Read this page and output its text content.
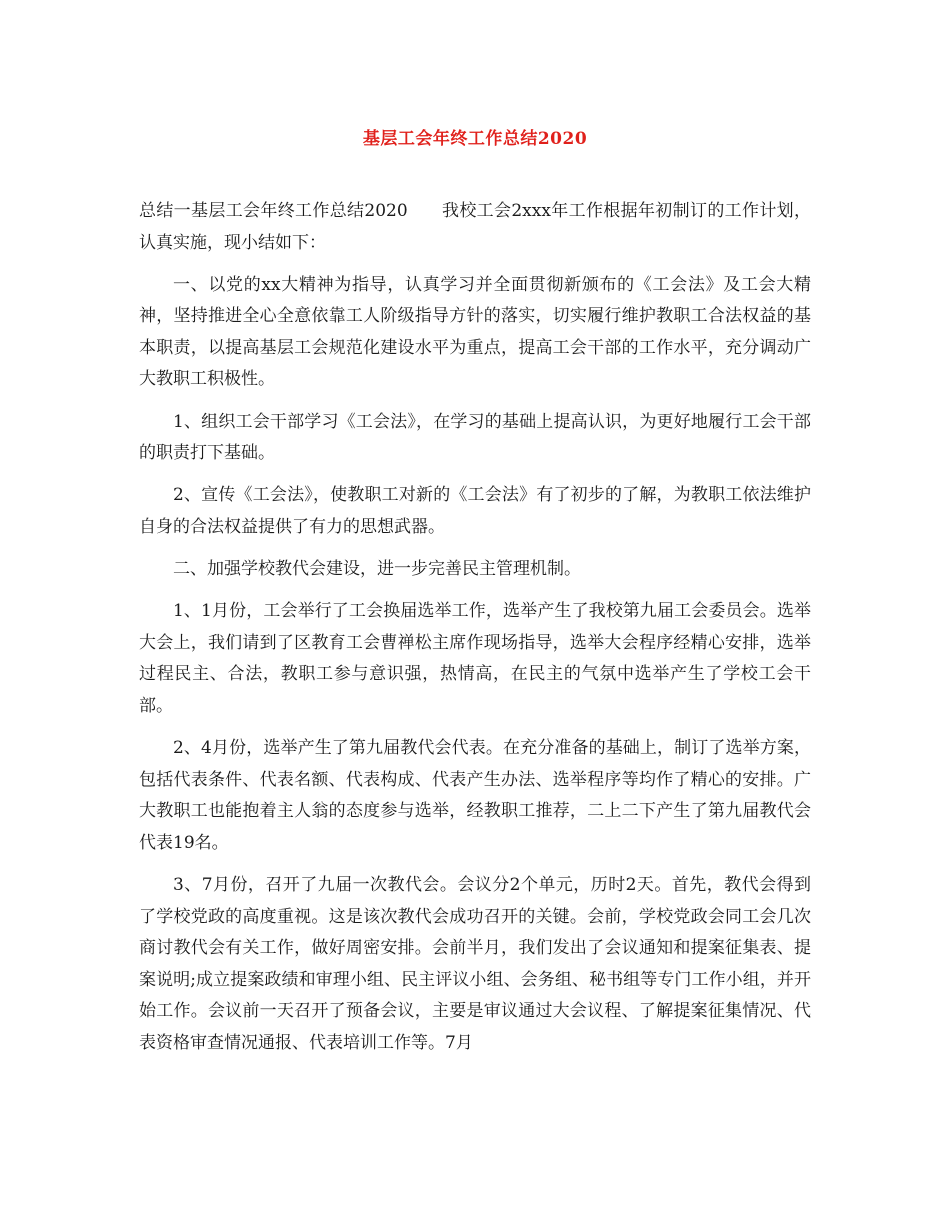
基层工会年终工作总结2020

总结一基层工会年终工作总结2020 我校工会2xxx年工作根据年初制订的工作计划，认真实施，现小结如下：

一、以党的xx大精神为指导，认真学习并全面贯彻新颁布的《工会法》及工会大精神，坚持推进全心全意依靠工人阶级指导方针的落实，切实履行维护教职工合法权益的基本职责，以提高基层工会规范化建设水平为重点，提高工会干部的工作水平，充分调动广大教职工积极性。

1、组织工会干部学习《工会法》，在学习的基础上提高认识，为更好地履行工会干部的职责打下基础。

2、宣传《工会法》，使教职工对新的《工会法》有了初步的了解，为教职工依法维护自身的合法权益提供了有力的思想武器。

二、加强学校教代会建设，进一步完善民主管理机制。

1、1月份，工会举行了工会换届选举工作，选举产生了我校第九届工会委员会。选举大会上，我们请到了区教育工会曹禅松主席作现场指导，选举大会程序经精心安排，选举过程民主、合法，教职工参与意识强，热情高，在民主的气氛中选举产生了学校工会干部。

2、4月份，选举产生了第九届教代会代表。在充分准备的基础上，制订了选举方案，包括代表条件、代表名额、代表构成、代表产生办法、选举程序等均作了精心的安排。广大教职工也能抱着主人翁的态度参与选举，经教职工推荐，二上二下产生了第九届教代会代表19名。

3、7月份，召开了九届一次教代会。会议分2个单元，历时2天。首先，教代会得到了学校党政的高度重视。这是该次教代会成功召开的关键。会前，学校党政会同工会几次商讨教代会有关工作，做好周密安排。会前半月，我们发出了会议通知和提案征集表、提案说明;成立提案政绩和审理小组、民主评议小组、会务组、秘书组等专门工作小组，并开始工作。会议前一天召开了预备会议，主要是审议通过大会议程、了解提案征集情况、代表资格审查情况通报、代表培训工作等。7月
